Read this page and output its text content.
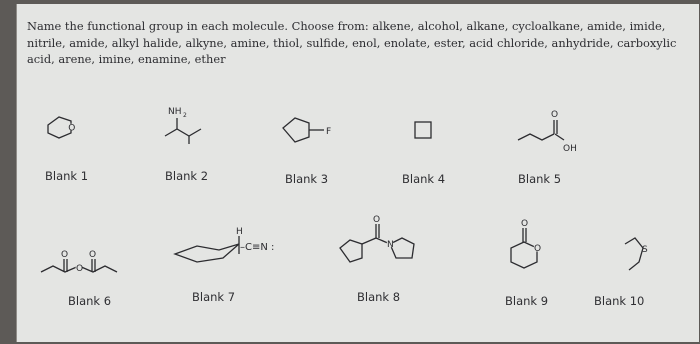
Name the functional group in each molecule. Choose from: alkene, alcohol, alkane, cycloalkane, amide, imide, nitrile, amide, alkyl halide, alkyne, amine, thiol, sulfide, enol, enolate, ester, acid chloride, anhydride, carboxylic acid, arene, imine, enamine, ether

O
Blank 1
NH 2
Blank 2
F
Blank 3	Blank 4
O
OH
Blank 5
O O
O
Blank 6
H
–C≡N :
Blank 7
O
N
Blank 8
O
O
Blank 9
S
Blank 10
